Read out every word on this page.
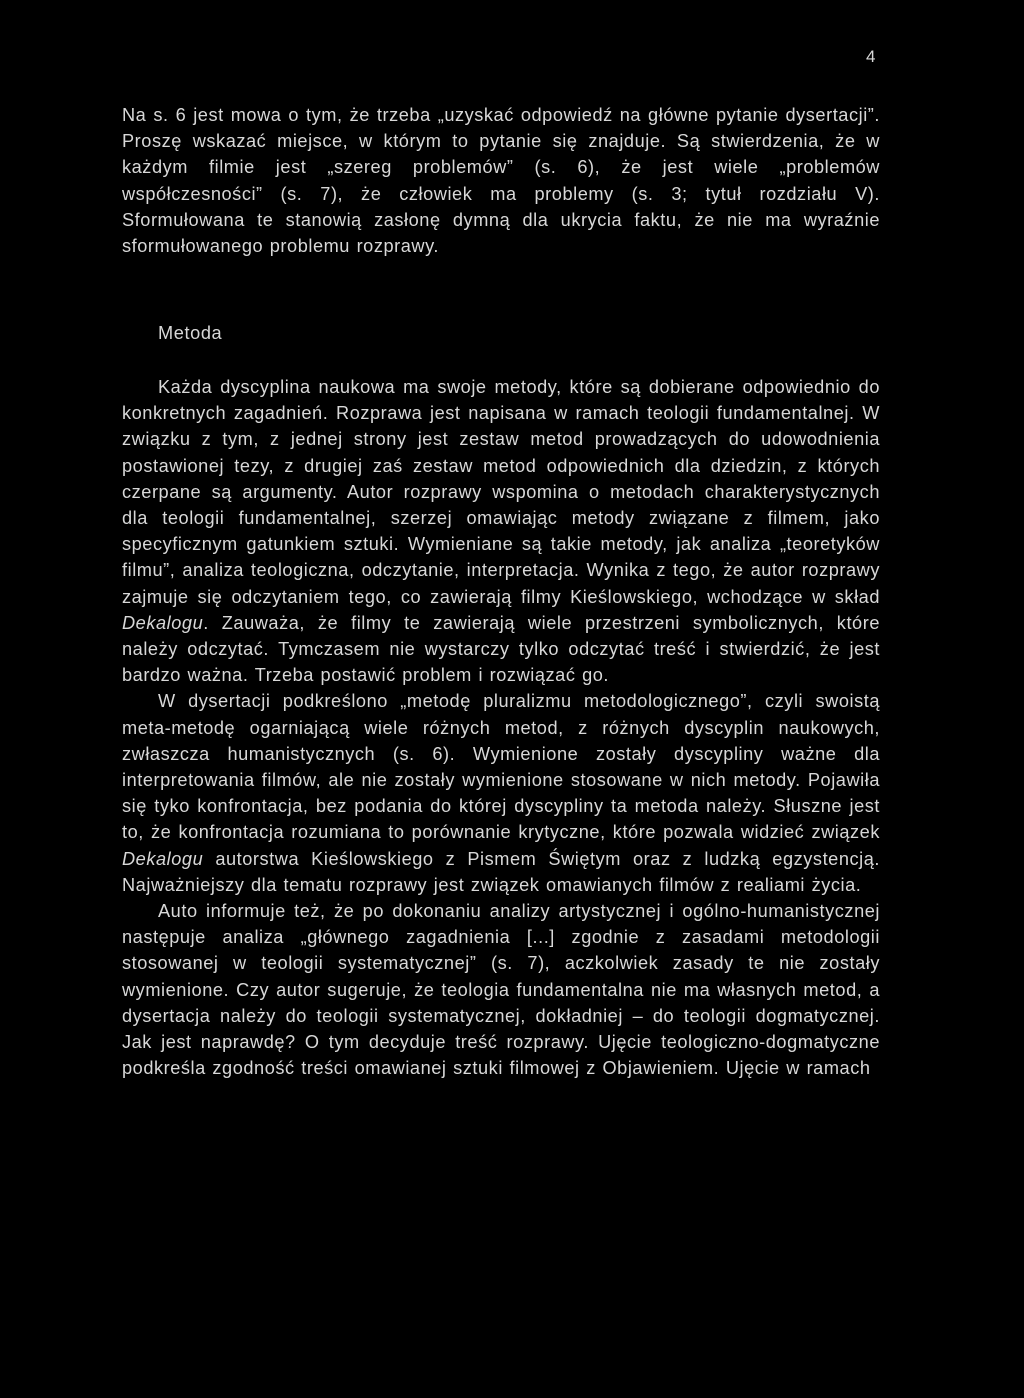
4

Na s. 6 jest mowa o tym, że trzeba „uzyskać odpowiedź na główne pytanie dysertacji”. Proszę wskazać miejsce, w którym to pytanie się znajduje. Są stwierdzenia, że w każdym filmie jest „szereg problemów” (s. 6), że jest wiele „problemów współczesności” (s. 7), że człowiek ma problemy (s. 3; tytuł rozdziału V). Sformułowana te stanowią zasłonę dymną dla ukrycia faktu, że nie ma wyraźnie sformułowanego problemu rozprawy.

Metoda

Każda dyscyplina naukowa ma swoje metody, które są dobierane odpowiednio do konkretnych zagadnień. Rozprawa jest napisana w ramach teologii fundamentalnej. W związku z tym, z jednej strony jest zestaw metod prowadzących do udowodnienia postawionej tezy, z drugiej zaś zestaw metod odpowiednich dla dziedzin, z których czerpane są argumenty. Autor rozprawy wspomina o metodach charakterystycznych dla teologii fundamentalnej, szerzej omawiając metody związane z filmem, jako specyficznym gatunkiem sztuki. Wymieniane są takie metody, jak analiza „teoretyków filmu”, analiza teologiczna, odczytanie, interpretacja. Wynika z tego, że autor rozprawy zajmuje się odczytaniem tego, co zawierają filmy Kieślowskiego, wchodzące w skład Dekalogu. Zauważa, że filmy te zawierają wiele przestrzeni symbolicznych, które należy odczytać. Tymczasem nie wystarczy tylko odczytać treść i stwierdzić, że jest bardzo ważna. Trzeba postawić problem i rozwiązać go.

W dysertacji podkreślono „metodę pluralizmu metodologicznego”, czyli swoistą meta-metodę ogarniającą wiele różnych metod, z różnych dyscyplin naukowych, zwłaszcza humanistycznych (s. 6). Wymienione zostały dyscypliny ważne dla interpretowania filmów, ale nie zostały wymienione stosowane w nich metody. Pojawiła się tyko konfrontacja, bez podania do której dyscypliny ta metoda należy. Słuszne jest to, że konfrontacja rozumiana to porównanie krytyczne, które pozwala widzieć związek Dekalogu autorstwa Kieślowskiego z Pismem Świętym oraz z ludzką egzystencją. Najważniejszy dla tematu rozprawy jest związek omawianych filmów z realiami życia.

Auto informuje też, że po dokonaniu analizy artystycznej i ogólno-humanistycznej następuje analiza „głównego zagadnienia [...] zgodnie z zasadami metodologii stosowanej w teologii systematycznej” (s. 7), aczkolwiek zasady te nie zostały wymienione. Czy autor sugeruje, że teologia fundamentalna nie ma własnych metod, a dysertacja należy do teologii systematycznej, dokładniej – do teologii dogmatycznej. Jak jest naprawdę? O tym decyduje treść rozprawy. Ujęcie teologiczno-dogmatyczne podkreśla zgodność treści omawianej sztuki filmowej z Objawieniem. Ujęcie w ramach
